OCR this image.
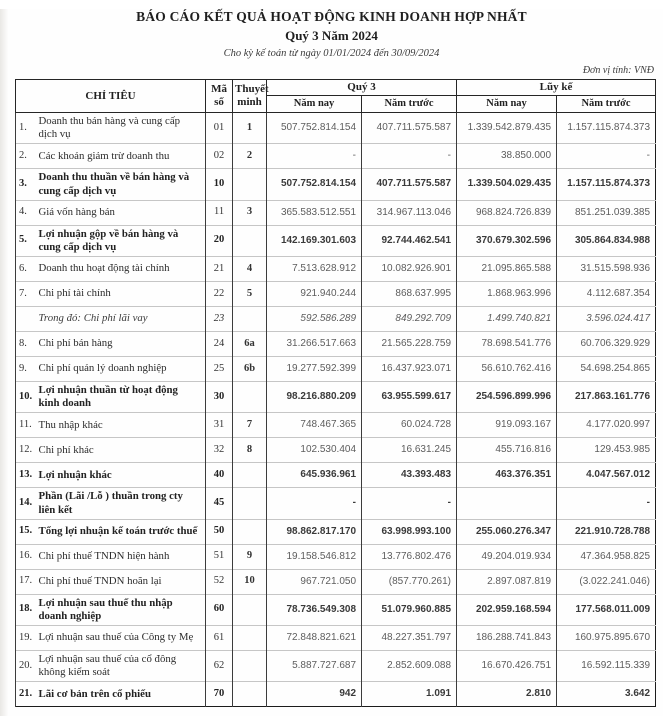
BÁO CÁO KẾT QUẢ HOẠT ĐỘNG KINH DOANH HỢP NHẤT
Quý 3 Năm 2024
Cho kỳ kế toán từ ngày 01/01/2024 đến 30/09/2024
Đơn vị tính: VNĐ
CHỈ TIÊU		Mã số	Thuyết minh	Quý 3		Lũy kế	
				Năm nay	Năm trước	Năm nay	Năm trước
1.	Doanh thu bán hàng và cung cấp dịch vụ	01	1	507.752.814.154	407.711.575.587	1.339.542.879.435	1.157.115.874.373
2.	Các khoản giảm trừ doanh thu	02	2	-	-	38.850.000	-
3.	Doanh thu thuần về bán hàng và cung cấp dịch vụ	10		507.752.814.154	407.711.575.587	1.339.504.029.435	1.157.115.874.373
4.	Giá vốn hàng bán	11	3	365.583.512.551	314.967.113.046	968.824.726.839	851.251.039.385
5.	Lợi nhuận gộp về bán hàng và cung cấp dịch vụ	20		142.169.301.603	92.744.462.541	370.679.302.596	305.864.834.988
6.	Doanh thu hoạt động tài chính	21	4	7.513.628.912	10.082.926.901	21.095.865.588	31.515.598.936
7.	Chi phí tài chính	22	5	921.940.244	868.637.995	1.868.963.996	4.112.687.354
	Trong đó: Chi phí lãi vay	23		592.586.289	849.292.709	1.499.740.821	3.596.024.417
8.	Chi phí bán hàng	24	6a	31.266.517.663	21.565.228.759	78.698.541.776	60.706.329.929
9.	Chi phí quản lý doanh nghiệp	25	6b	19.277.592.399	16.437.923.071	56.610.762.416	54.698.254.865
10.	Lợi nhuận thuần từ hoạt động kinh doanh	30		98.216.880.209	63.955.599.617	254.596.899.996	217.863.161.776
11.	Thu nhập khác	31	7	748.467.365	60.024.728	919.093.167	4.177.020.997
12.	Chi phí khác	32	8	102.530.404	16.631.245	455.716.816	129.453.985
13.	Lợi nhuận khác	40		645.936.961	43.393.483	463.376.351	4.047.567.012
14.	Phần (Lãi /Lỗ ) thuần trong cty liên kết	45		-	-		-
15.	Tổng lợi nhuận kế toán trước thuế	50		98.862.817.170	63.998.993.100	255.060.276.347	221.910.728.788
16.	Chi phí thuế TNDN hiện hành	51	9	19.158.546.812	13.776.802.476	49.204.019.934	47.364.958.825
17.	Chi phí thuế TNDN hoãn lại	52	10	967.721.050	(857.770.261)	2.897.087.819	(3.022.241.046)
18.	Lợi nhuận sau thuế thu nhập doanh nghiệp	60		78.736.549.308	51.079.960.885	202.959.168.594	177.568.011.009
19.	Lợi nhuận sau thuế của Công ty Mẹ	61		72.848.821.621	48.227.351.797	186.288.741.843	160.975.895.670
20.	Lợi nhuận sau thuế của cổ đông không kiểm soát	62		5.887.727.687	2.852.609.088	16.670.426.751	16.592.115.339
21.	Lãi cơ bản trên cổ phiếu	70		942	1.091	2.810	3.642
